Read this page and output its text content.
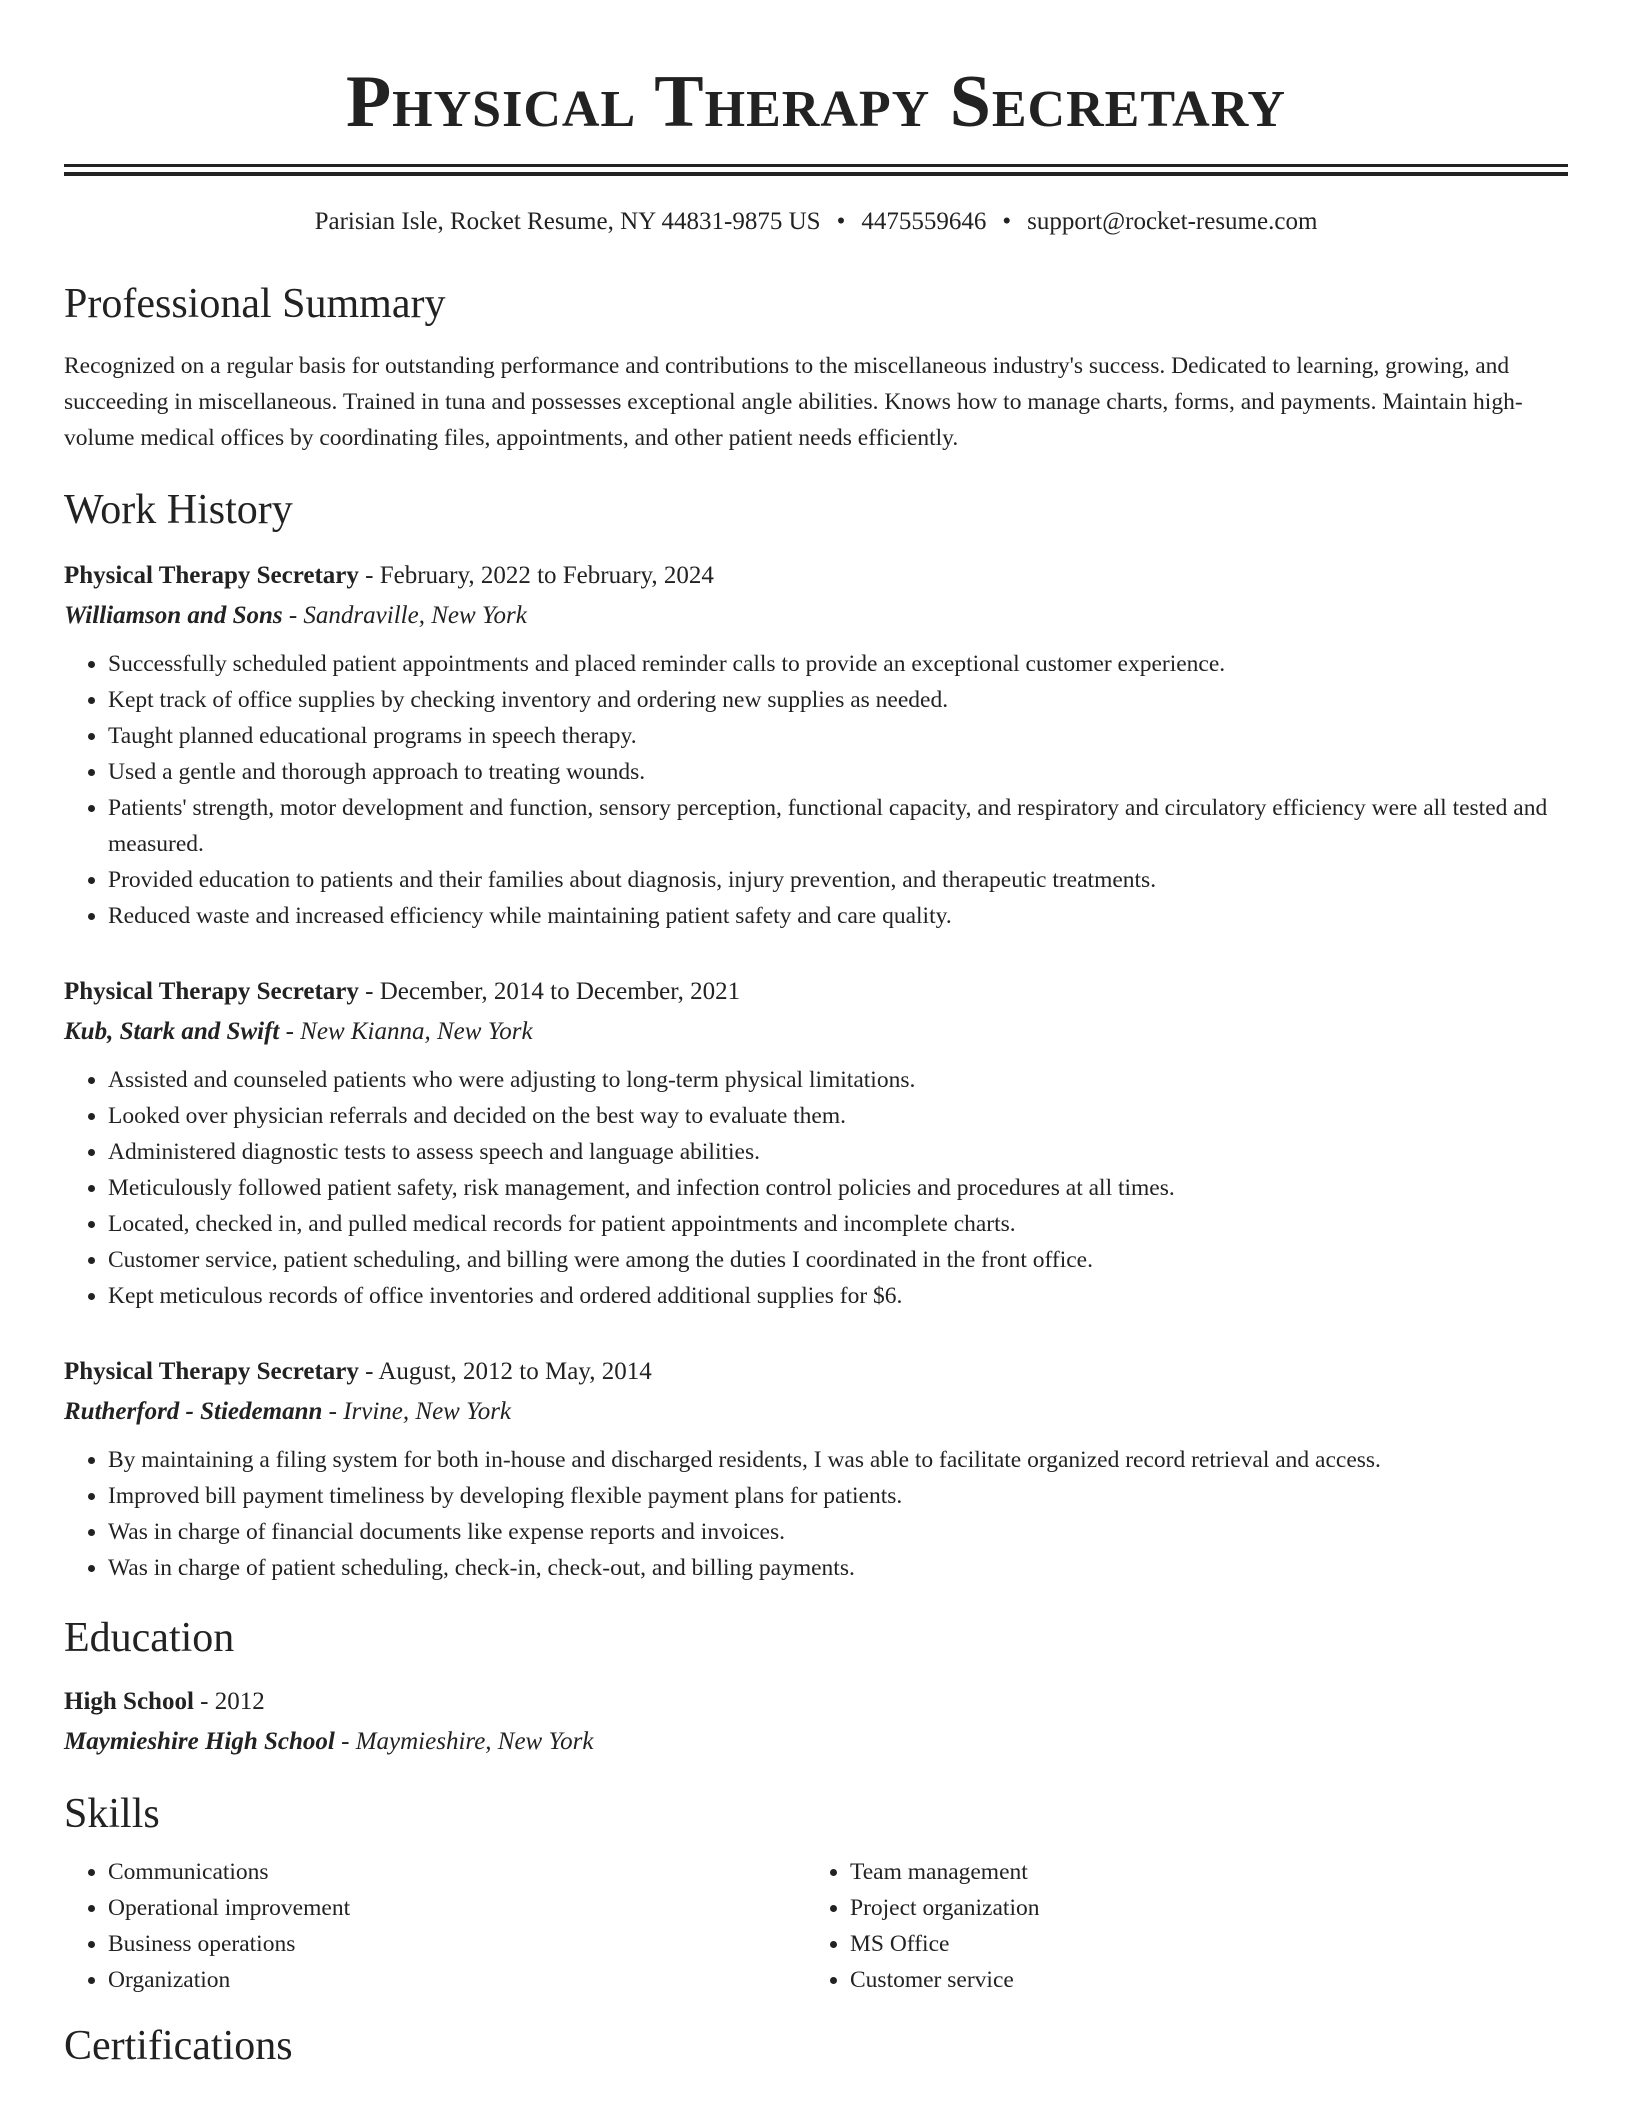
Physical Therapy Secretary
Parisian Isle, Rocket Resume, NY 44831-9875 US • 4475559646 • support@rocket-resume.com
Professional Summary

Recognized on a regular basis for outstanding performance and contributions to the miscellaneous industry's success. Dedicated to learning, growing, and succeeding in miscellaneous. Trained in tuna and possesses exceptional angle abilities. Knows how to manage charts, forms, and payments. Maintain high-volume medical offices by coordinating files, appointments, and other patient needs efficiently.

Work History
Physical Therapy Secretary - February, 2022 to February, 2024
Williamson and Sons - Sandraville, New York
• Successfully scheduled patient appointments and placed reminder calls to provide an exceptional customer experience.
• Kept track of office supplies by checking inventory and ordering new supplies as needed.
• Taught planned educational programs in speech therapy.
• Used a gentle and thorough approach to treating wounds.
• Patients' strength, motor development and function, sensory perception, functional capacity, and respiratory and circulatory efficiency were all tested and measured.
• Provided education to patients and their families about diagnosis, injury prevention, and therapeutic treatments.
• Reduced waste and increased efficiency while maintaining patient safety and care quality.
Physical Therapy Secretary - December, 2014 to December, 2021
Kub, Stark and Swift - New Kianna, New York
• Assisted and counseled patients who were adjusting to long-term physical limitations.
• Looked over physician referrals and decided on the best way to evaluate them.
• Administered diagnostic tests to assess speech and language abilities.
• Meticulously followed patient safety, risk management, and infection control policies and procedures at all times.
• Located, checked in, and pulled medical records for patient appointments and incomplete charts.
• Customer service, patient scheduling, and billing were among the duties I coordinated in the front office.
• Kept meticulous records of office inventories and ordered additional supplies for $6.
Physical Therapy Secretary - August, 2012 to May, 2014
Rutherford - Stiedemann - Irvine, New York
• By maintaining a filing system for both in-house and discharged residents, I was able to facilitate organized record retrieval and access.
• Improved bill payment timeliness by developing flexible payment plans for patients.
• Was in charge of financial documents like expense reports and invoices.
• Was in charge of patient scheduling, check-in, check-out, and billing payments.
Education
High School - 2012
Maymieshire High School - Maymieshire, New York
Skills
• Communications
• Operational improvement
• Business operations
• Organization
• Team management
• Project organization
• MS Office
• Customer service
Certifications
